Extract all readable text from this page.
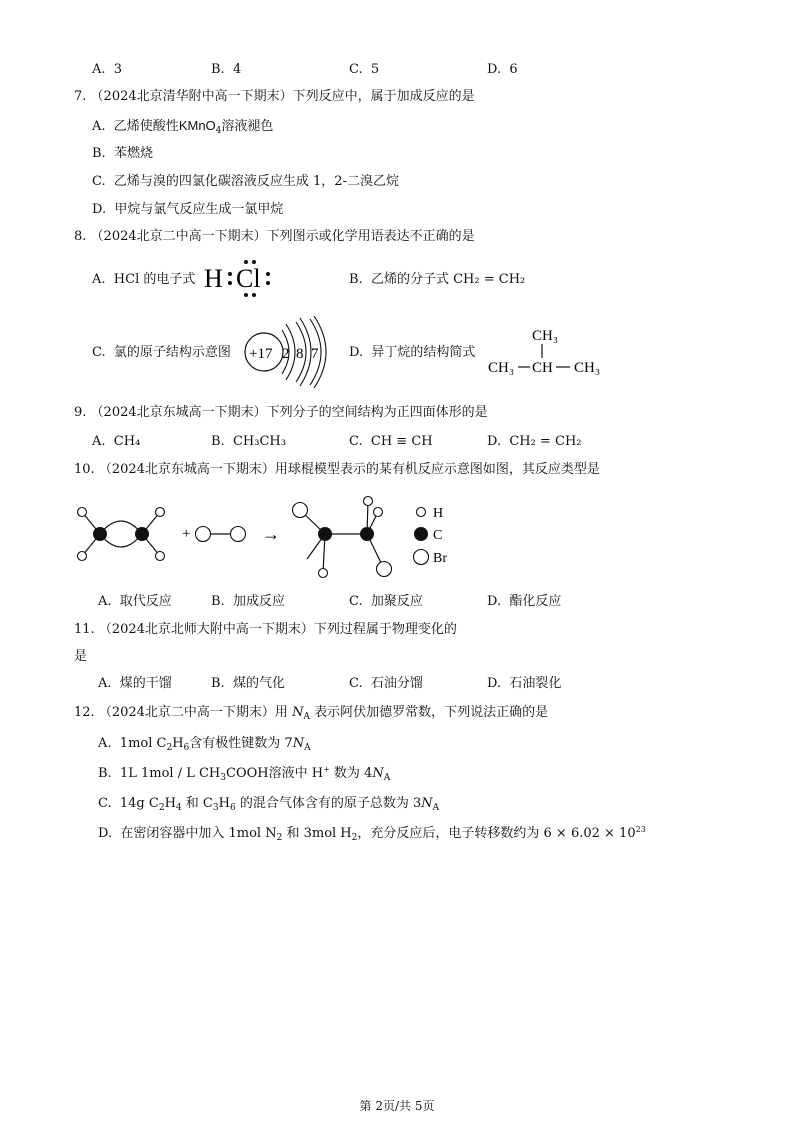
A. 3	B. 4	C. 5	D. 6
7. （2024北京清华附中高一下期末）下列反应中，属于加成反应的是
A. 乙烯使酸性KMnO$_4$溶液褪色
B. 苯燃烧
C. 乙烯与溴的四氯化碳溶液反应生成 1，2-二溴乙烷
D. 甲烷与氯气反应生成一氯甲烷
8. （2024北京二中高一下期末）下列图示或化学用语表达不正确的是
A. HCl 的电子式 H Cl	B. 乙烯的分子式 CH₂ = CH₂
C. 氯的原子结构示意图 +17 2 8 7 D. 异丁烷的结构简式
CH₃
CH₃ CH CH₃
9. （2024北京东城高一下期末）下列分子的空间结构为正四面体形的是
A. CH₄	B. CH₃CH₃	C. CH ≡ CH	D. CH₂ = CH₂
10. （2024北京东城高一下期末）用球棍模型表示的某有机反应示意图如图，其反应类型是
+	→
H
C
Br
A. 取代反应	B. 加成反应	C. 加聚反应	D. 酯化反应
11. （2024北京北师大附中高一下期末）下列过程属于物理变化的
是
A. 煤的干馏	B. 煤的气化	C. 石油分馏	D. 石油裂化
12. （2024北京二中高一下期末）用 $N_A$ 表示阿伏加德罗常数，下列说法正确的是
A. 1mol $C_2H_6$含有极性键数为 $7N_A$
B. 1L 1mol / L $CH_3COOH$溶液中 H+ 数为 $4N_A$
C. 14g $C_2H_4$ 和 $C_3H_6$ 的混合气体含有的原子总数为 $3N_A$
D. 在密闭容器中加入 1mol $N_2$ 和 3mol $H_2$，充分反应后，电子转移数约为 $6 \times 6.02 \times 10^{23}$
第 2页/共 5页
